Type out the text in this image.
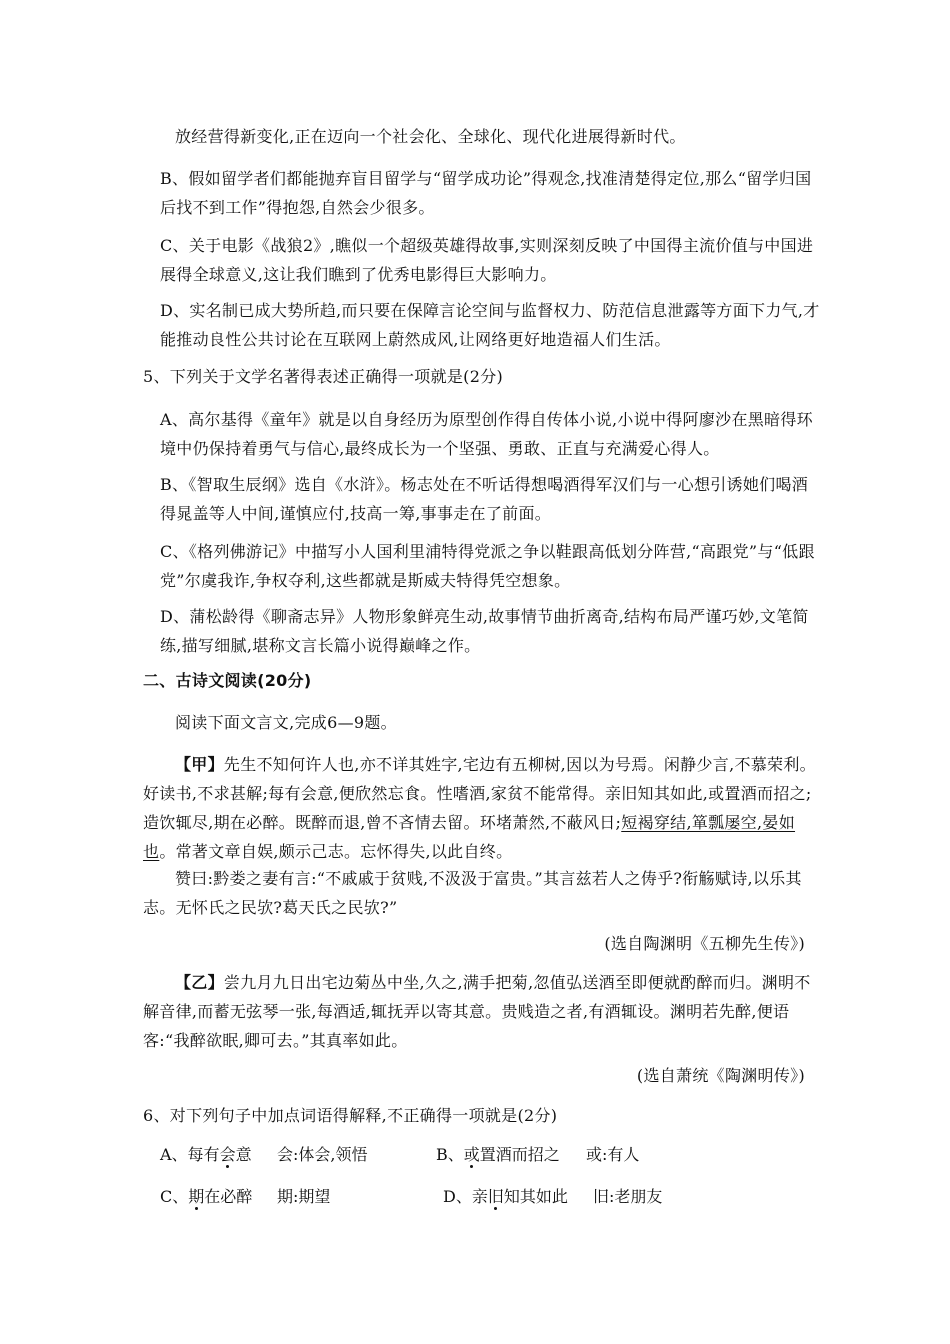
放经营得新变化,正在迈向一个社会化、全球化、现代化进展得新时代。
B、假如留学者们都能抛弃盲目留学与“留学成功论”得观念,找准清楚得定位,那么“留学归国后找不到工作”得抱怨,自然会少很多。
C、关于电影《战狼2》,瞧似一个超级英雄得故事,实则深刻反映了中国得主流价值与中国进展得全球意义,这让我们瞧到了优秀电影得巨大影响力。
D、实名制已成大势所趋,而只要在保障言论空间与监督权力、防范信息泄露等方面下力气,才能推动良性公共讨论在互联网上蔚然成风,让网络更好地造福人们生活。
5、下列关于文学名著得表述正确得一项就是(2分)
A、高尔基得《童年》就是以自身经历为原型创作得自传体小说,小说中得阿廖沙在黑暗得环境中仍保持着勇气与信心,最终成长为一个坚强、勇敢、正直与充满爱心得人。
B、《智取生辰纲》选自《水浒》。杨志处在不听话得想喝酒得军汉们与一心想引诱她们喝酒得晁盖等人中间,谨慎应付,技高一筹,事事走在了前面。
C、《格列佛游记》中描写小人国利里浦特得党派之争以鞋跟高低划分阵营,“高跟党”与“低跟党”尔虞我诈,争权夺利,这些都就是斯威夫特得凭空想象。
D、蒲松龄得《聊斋志异》人物形象鲜亮生动,故事情节曲折离奇,结构布局严谨巧妙,文笔简练,描写细腻,堪称文言长篇小说得巅峰之作。
二、古诗文阅读(20分)
阅读下面文言文,完成6—9题。
【甲】先生不知何许人也,亦不详其姓字,宅边有五柳树,因以为号焉。闲静少言,不慕荣利。好读书,不求甚解;每有会意,便欣然忘食。性嗜酒,家贫不能常得。亲旧知其如此,或置酒而招之;造饮辄尽,期在必醉。既醉而退,曾不吝情去留。环堵萧然,不蔽风日;短褐穿结,箪瓢屡空,晏如也。常著文章自娱,颇示己志。忘怀得失,以此自终。
赞曰:黔娄之妻有言:“不戚戚于贫贱,不汲汲于富贵。”其言兹若人之俦乎?衔觞赋诗,以乐其志。无怀氏之民欤?葛天氏之民欤?”
(选自陶渊明《五柳先生传》)
【乙】尝九月九日出宅边菊丛中坐,久之,满手把菊,忽值弘送酒至即便就酌醉而归。渊明不解音律,而蓄无弦琴一张,每酒适,辄抚弄以寄其意。贵贱造之者,有酒辄设。渊明若先醉,便语客:“我醉欲眠,卿可去。”其真率如此。
(选自萧统《陶渊明传》)
6、对下列句子中加点词语得解释,不正确得一项就是(2分)
A、每有会意 会:体会,领悟	B、或置酒而招之 或:有人
C、期在必醉 期:期望	D、亲旧知其如此 旧:老朋友
